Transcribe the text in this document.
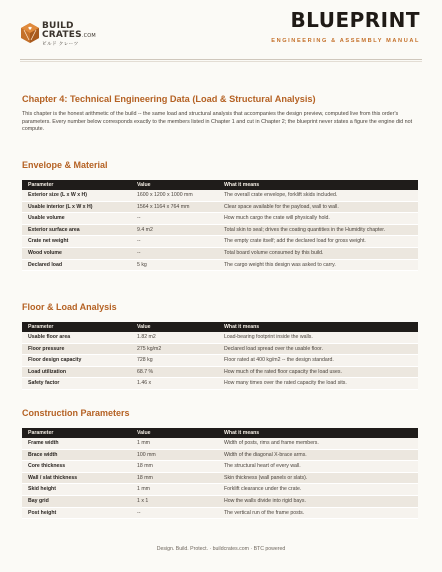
♥ BUILD
CRATES.COM
ビルド クレーツ
BLUEPRINT
ENGINEERING & ASSEMBLY MANUAL
Chapter 4: Technical Engineering Data (Load & Structural Analysis)

This chapter is the honest arithmetic of the build -- the same load and structural analysis that accompanies the design preview, computed live from this order's parameters. Every number below corresponds exactly to the members listed in Chapter 1 and cut in Chapter 2; the blueprint never states a figure the engine did not compute.

Envelope & Material
Parameter	Value	What it means
Exterior size (L x W x H)	1600 x 1200 x 1000 mm	The overall crate envelope, forklift skids included.
Usable interior (L x W x H)	1564 x 1164 x 764 mm	Clear space available for the payload, wall to wall.
Usable volume	--	How much cargo the crate will physically hold.
Exterior surface area	9.4 m2	Total skin to seal; drives the coating quantities in the Humidity chapter.
Crate net weight	--	The empty crate itself; add the declared load for gross weight.
Wood volume	--	Total board volume consumed by this build.
Declared load	5 kg	The cargo weight this design was asked to carry.
Floor & Load Analysis
Parameter	Value	What it means
Usable floor area	1.82 m2	Load-bearing footprint inside the walls.
Floor pressure	275 kg/m2	Declared load spread over the usable floor.
Floor design capacity	728 kg	Floor rated at 400 kg/m2 -- the design standard.
Load utilization	68.7 %	How much of the rated floor capacity the load uses.
Safety factor	1.46 x	How many times over the rated capacity the load sits.
Construction Parameters
Parameter	Value	What it means
Frame width	1 mm	Width of posts, rims and frame members.
Brace width	100 mm	Width of the diagonal X-brace arms.
Core thickness	18 mm	The structural heart of every wall.
Wall / slat thickness	18 mm	Skin thickness (wall panels or slats).
Skid height	1 mm	Forklift clearance under the crate.
Bay grid	1 x 1	How the walls divide into rigid bays.
Post height	--	The vertical run of the frame posts.
Design. Build. Protect. · buildcrates.com · BTC powered
